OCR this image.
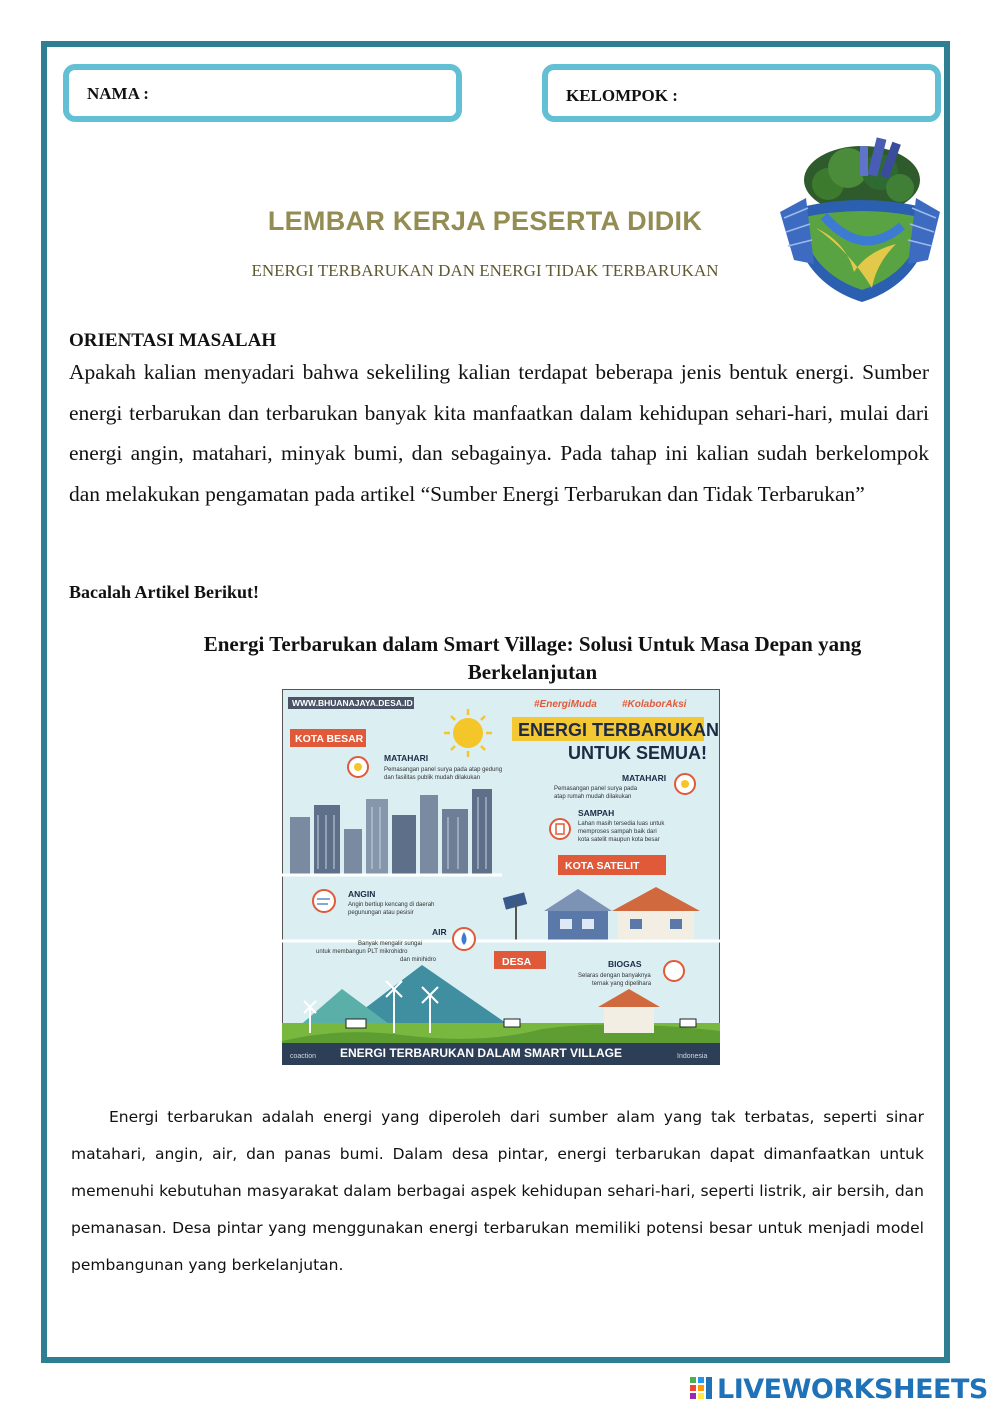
NAMA :	KELOMPOK :
LEMBAR KERJA PESERTA DIDIK
ENERGI TERBARUKAN DAN ENERGI TIDAK TERBARUKAN
ORIENTASI MASALAH

Apakah kalian menyadari bahwa sekeliling kalian terdapat beberapa jenis bentuk energi. Sumber energi terbarukan dan terbarukan banyak kita manfaatkan dalam kehidupan sehari-hari, mulai dari energi angin, matahari, minyak bumi, dan sebagainya. Pada tahap ini kalian sudah berkelompok dan melakukan pengamatan pada artikel “Sumber Energi Terbarukan dan Tidak Terbarukan”

Bacalah Artikel Berikut!
Energi Terbarukan dalam Smart Village: Solusi Untuk Masa Depan yang Berkelanjutan
WWW.BHUANAJAYA.DESA.ID	#EnergiMuda	#KolaborAksi
ENERGI TERBARUKAN
UNTUK SEMUA!
KOTA BESAR
MATAHARI
Pemasangan panel surya pada atap gedung
dan fasilitas publik mudah dilakukan	MATAHARI
Pemasangan panel surya pada
atap rumah mudah dilakukan
SAMPAH
Lahan masih tersedia luas untuk
memproses sampah baik dari
kota satelit maupun kota besar
KOTA SATELIT
ANGIN
Angin bertiup kencang di daerah
pegunungan atau pesisir
AIR
Banyak mengalir sungai
untuk membangun PLT mikrohidro
dan minihidro	DESA	BIOGAS
Selaras dengan banyaknya
ternak yang dipelihara
coaction ENERGI TERBARUKAN DALAM SMART VILLAGE	Indonesia

Energi terbarukan adalah energi yang diperoleh dari sumber alam yang tak terbatas, seperti sinar matahari, angin, air, dan panas bumi. Dalam desa pintar, energi terbarukan dapat dimanfaatkan untuk memenuhi kebutuhan masyarakat dalam berbagai aspek kehidupan sehari-hari, seperti listrik, air bersih, dan pemanasan. Desa pintar yang menggunakan energi terbarukan memiliki potensi besar untuk menjadi model pembangunan yang berkelanjutan.

LIVEWORKSHEETS
